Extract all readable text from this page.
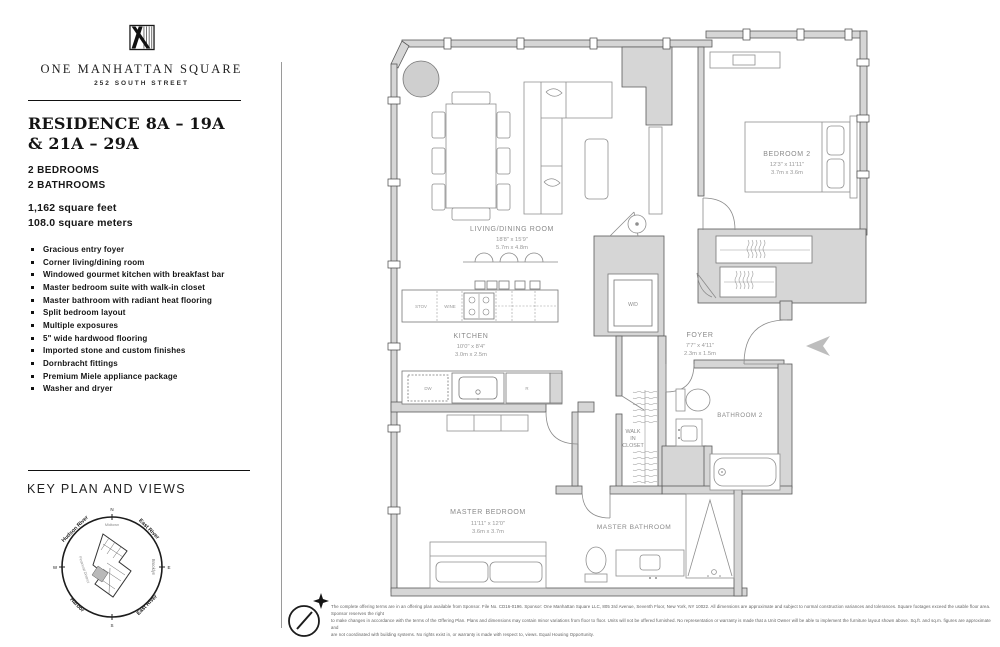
ONE MANHATTAN SQUARE
252 SOUTH STREET
RESIDENCE 8A – 19A
& 21A – 29A
2 BEDROOMS
2 BATHROOMS
1,162 square feet
108.0 square meters
Gracious entry foyer
Corner living/dining room
Windowed gourmet kitchen with breakfast bar
Master bedroom suite with walk-in closet
Master bathroom with radiant heat flooring
Split bedroom layout
Multiple exposures
5" wide hardwood flooring
Imported stone and custom finishes
Dornbracht fittings
Premium Miele appliance package
Washer and dryer
KEY PLAN AND VIEWS
N
S
W	E
Hudson River	East River
Brooklyn
East River
Harbor
Financial District
Midtown
LIVING/DINING ROOM
18'8" x 15'9"
5.7m x 4.8m
BEDROOM 2
12'3" x 11'11"
3.7m x 3.6m
KITCHEN
10'0" x 8'4"
3.0m x 2.5m
FOYER
7'7" x 4'11"
2.3m x 1.5m
MASTER BEDROOM
11'11" x 12'0"
3.6m x 3.7m
MASTER BATHROOM
BATHROOM 2
WALK
IN
CLOSET
W/D
STOV	WINE
DW	R
The complete offering terms are in an offering plan available from Sponsor. File No. CD16-0196. Sponsor: One Manhattan Square LLC, 805 3rd Avenue, Seventh Floor, New York, NY 10022. All dimensions are approximate and subject to normal construction variances and tolerances. Square footages exceed the usable floor area. Sponsor reserves the right
to make changes in accordance with the terms of the Offering Plan. Plans and dimensions may contain minor variations from floor to floor. Units will not be offered furnished. No representation or warranty is made that a Unit Owner will be able to implement the furniture layout shown above. Sq.ft. and sq.m. figures are approximate and
are not coordinated with building systems. No rights exist in, or warranty is made with respect to, views. Equal Housing Opportunity.
